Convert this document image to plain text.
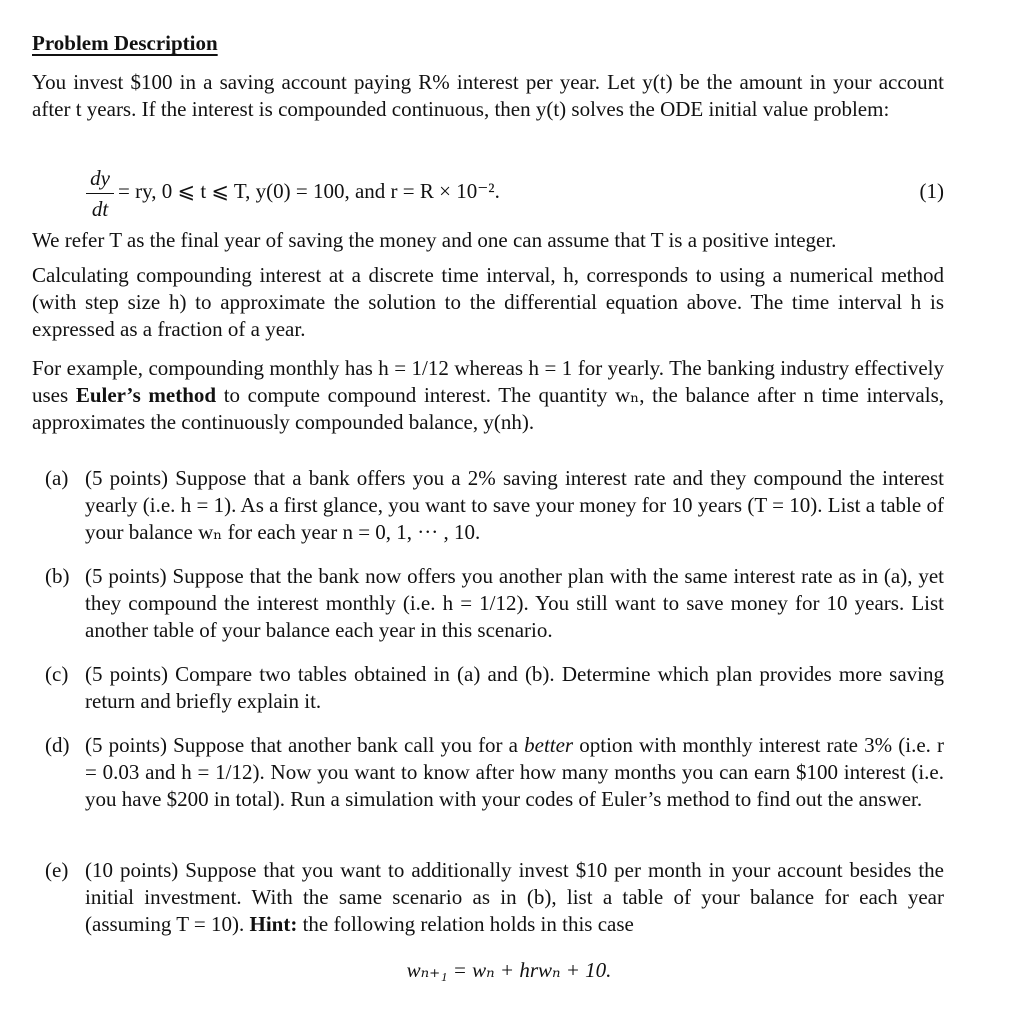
Problem Description
You invest $100 in a saving account paying R% interest per year. Let y(t) be the amount in your account after t years. If the interest is compounded continuous, then y(t) solves the ODE initial value problem:
dy
dt
= ry, 0 ⩽ t ⩽ T, y(0) = 100, and r = R × 10⁻².	(1)
We refer T as the final year of saving the money and one can assume that T is a positive integer.
Calculating compounding interest at a discrete time interval, h, corresponds to using a numerical method (with step size h) to approximate the solution to the differential equation above. The time interval h is expressed as a fraction of a year.
For example, compounding monthly has h = 1/12 whereas h = 1 for yearly. The banking industry effectively uses Euler’s method to compute compound interest. The quantity wₙ, the balance after n time intervals, approximates the continuously compounded balance, y(nh).
(a) (5 points) Suppose that a bank offers you a 2% saving interest rate and they compound the interest yearly (i.e. h = 1). As a first glance, you want to save your money for 10 years (T = 10). List a table of your balance wₙ for each year n = 0, 1, ··· , 10.
(b) (5 points) Suppose that the bank now offers you another plan with the same interest rate as in (a), yet they compound the interest monthly (i.e. h = 1/12). You still want to save money for 10 years. List another table of your balance each year in this scenario.
(c) (5 points) Compare two tables obtained in (a) and (b). Determine which plan provides more saving return and briefly explain it.
(d) (5 points) Suppose that another bank call you for a better option with monthly interest rate 3% (i.e. r = 0.03 and h = 1/12). Now you want to know after how many months you can earn $100 interest (i.e. you have $200 in total). Run a simulation with your codes of Euler’s method to find out the answer.
(e) (10 points) Suppose that you want to additionally invest $10 per month in your account besides the initial investment. With the same scenario as in (b), list a table of your balance for each year (assuming T = 10). Hint: the following relation holds in this case
wₙ₊₁ = wₙ + hrwₙ + 10.
